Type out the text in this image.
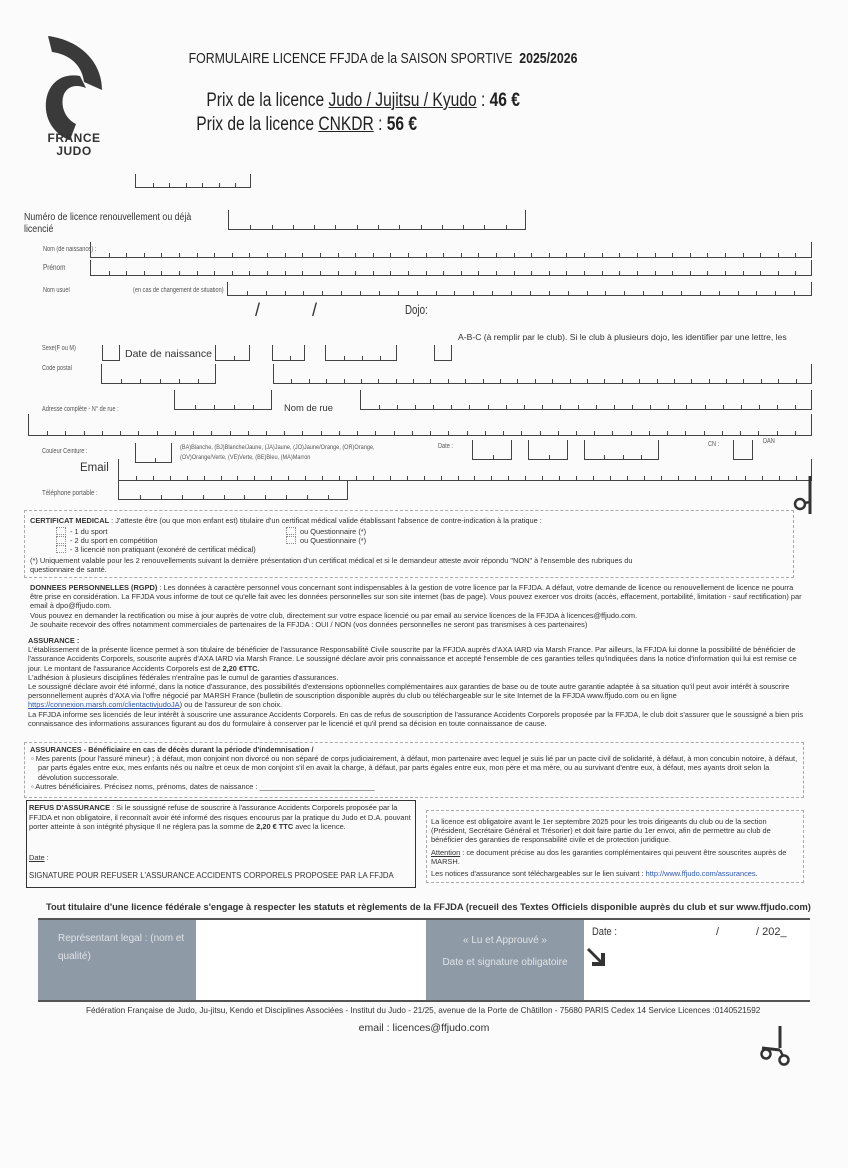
FRANCE
JUDO
FORMULAIRE LICENCE FFJDA de la SAISON SPORTIVE 2025/2026
Prix de la licence Judo / Jujitsu / Kyudo : 46 €
Prix de la licence CNKDR : 56 €
Numéro de licence renouvellement ou déjà
licencié
Nom (de naissance) :
Prénom
Nom usuel	(en cas de changement de situation)
/	/	Dojo:
A-B-C (à remplir par le club). Si le club à plusieurs dojo, les identifier par une lettre, les
Sexe(F ou M)	Date de naissance
Code postal
Nom de rue
Adresse complète - N° de rue :
Couleur Ceinture :
(BA)Blanche, (BJ)Blanche/Jaune, (JA)Jaune, (JO)Jaune/Orange, (OR)Orange,
(OV)Orange/Verte, (VE)Verte, (BE)Bleu, (MA)Marron
Date :	CN :	DAN
Email
Téléphone portable :
CERTIFICAT MEDICAL : J'atteste être (ou que mon enfant est) titulaire d'un certificat médical valide établissant l'absence de contre-indication à la pratique :
- 1 du sport
- 2 du sport en compétition
- 3 licencié non pratiquant (exonéré de certificat médical)
ou Questionnaire (*)
ou Questionnaire (*)
(*) Uniquement valable pour les 2 renouvellements suivant la dernière présentation d'un certificat médical et si le demandeur atteste avoir répondu "NON" à l'ensemble des rubriques du questionnaire de santé.
DONNEES PERSONNELLES (RGPD) : Les données à caractère personnel vous concernant sont indispensables à la gestion de votre licence par la FFJDA. A défaut, votre demande de licence ou renouvellement de licence ne pourra être prise en considération. La FFJDA vous informe de tout ce qu'elle fait avec les données personnelles sur son site internet (bas de page). Vous pouvez exercer vos droits (accès, effacement, portabilité, limitation - sauf rectification) par email à dpo@ffjudo.com.
Vous pouvez en demander la rectification ou mise à jour auprès de votre club, directement sur votre espace licencié ou par email au service licences de la FFJDA à licences@ffjudo.com.
Je souhaite recevoir des offres notamment commerciales de partenaires de la FFJDA : OUI / NON (vos données personnelles ne seront pas transmises à ces partenaires)
ASSURANCE :
L'établissement de la présente licence permet à son titulaire de bénéficier de l'assurance Responsabilité Civile souscrite par la FFJDA auprès d'AXA IARD via Marsh France. Par ailleurs, la FFJDA lui donne la possibilité de bénéficier de l'assurance Accidents Corporels, souscrite auprès d'AXA IARD via Marsh France. Le soussigné déclare avoir pris connaissance et accepté l'ensemble de ces garanties telles qu'indiquées dans la notice d'information qui lui est remise ce jour. Le montant de l'assurance Accidents Corporels est de 2,20 €TTC.
L'adhésion à plusieurs disciplines fédérales n'entraîne pas le cumul de garanties d'assurances.
Le soussigné déclare avoir été informé, dans la notice d'assurance, des possibilités d'extensions optionnelles complémentaires aux garanties de base ou de toute autre garantie adaptée à sa situation qu'il peut avoir intérêt à souscrire personnellement auprès d'AXA via l'offre négocié par MARSH France (bulletin de souscription disponible auprès du club ou téléchargeable sur le site Internet de la FFJDA www.ffjudo.com ou en ligne https://connexion.marsh.com/clientactivjudoJA) ou de l'assureur de son choix.
La FFJDA informe ses licenciés de leur intérêt à souscrire une assurance Accidents Corporels. En cas de refus de souscription de l'assurance Accidents Corporels proposée par la FFJDA, le club doit s'assurer que le soussigné a bien pris connaissance des informations assurances figurant au dos du formulaire à conserver par le licencié et qu'il prend sa décision en toute connaissance de cause.
ASSURANCES - Bénéficiaire en cas de décès durant la période d'indemnisation /

▫ Mes parents (pour l'assuré mineur) ; à défaut, mon conjoint non divorcé ou non séparé de corps judiciairement, à défaut, mon partenaire avec lequel je suis lié par un pacte civil de solidarité, à défaut, à mon concubin notoire, à défaut, par parts égales entre eux, mes enfants nés ou naître et ceux de mon conjoint s'il en avait la charge, à défaut, par parts égales entre eux, mon père et ma mère, ou au survivant d'entre eux, à défaut, mes ayants droit selon la dévolution successorale.
▫ Autres bénéficiaires. Précisez noms, prénoms, dates de naissance : ____________________________
REFUS D'ASSURANCE : Si le soussigné refuse de souscrire à l'assurance Accidents Corporels proposée par la FFJDA et non obligatoire, il reconnaît avoir été informé des risques encourus par la pratique du Judo et D.A. pouvant porter atteinte à son intégrité physique Il ne réglera pas la somme de 2,20 € TTC avec la licence.
Date :
SIGNATURE POUR REFUSER L'ASSURANCE ACCIDENTS CORPORELS PROPOSEE PAR LA FFJDA
La licence est obligatoire avant le 1er septembre 2025 pour les trois dirigeants du club ou de la section (Président, Secrétaire Général et Trésorier) et doit faire partie du 1er envoi, afin de permettre au club de bénéficier des garanties de responsabilité civile et de protection juridique.
Attention : ce document précise au dos les garanties complémentaires qui peuvent être souscrites auprès de MARSH.
Les notices d'assurance sont téléchargeables sur le lien suivant : http://www.ffjudo.com/assurances.
Tout titulaire d'une licence fédérale s'engage à respecter les statuts et règlements de la FFJDA (recueil des Textes Officiels disponible auprès du club et sur www.ffjudo.com)
Représentant legal : (nom et
qualité)
« Lu et Approuvé »
Date et signature obligatoire
Date :	/	/ 202_
Fédération Française de Judo, Ju-jitsu, Kendo et Disciplines Associées - Institut du Judo - 21/25, avenue de la Porte de Châtillon - 75680 PARIS Cedex 14 Service Licences :0140521592
email : licences@ffjudo.com
